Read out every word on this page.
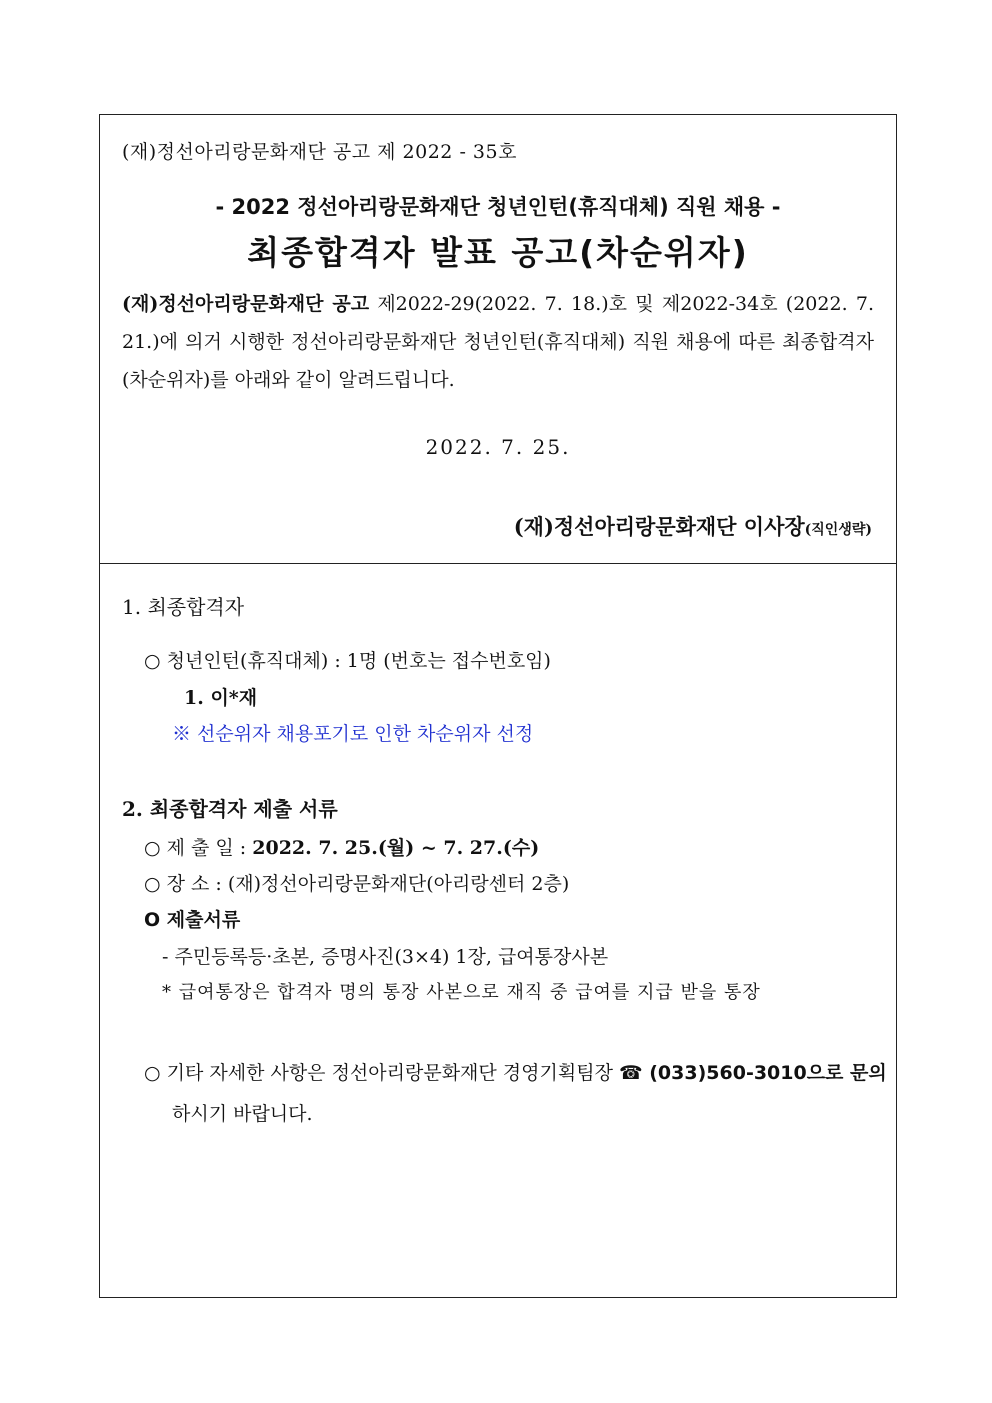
(재)정선아리랑문화재단 공고 제 2022 - 35호
- 2022 정선아리랑문화재단 청년인턴(휴직대체) 직원 채용 -
최종합격자 발표 공고(차순위자)
(재)정선아리랑문화재단 공고 제2022-29(2022. 7. 18.)호 및 제2022-34호 (2022. 7. 21.)에 의거 시행한 정선아리랑문화재단 청년인턴(휴직대체) 직원 채용에 따른 최종합격자(차순위자)를 아래와 같이 알려드립니다.
2022. 7. 25.
(재)정선아리랑문화재단 이사장(직인생략)
1. 최종합격자
○ 청년인턴(휴직대체) : 1명 (번호는 접수번호임)
1. 이*재
※ 선순위자 채용포기로 인한 차순위자 선정
2. 최종합격자 제출 서류
○ 제 출 일 : 2022. 7. 25.(월) ~ 7. 27.(수)
○ 장 소 : (재)정선아리랑문화재단(아리랑센터 2층)
O 제출서류
- 주민등록등·초본, 증명사진(3×4) 1장, 급여통장사본
* 급여통장은 합격자 명의 통장 사본으로 재직 중 급여를 지급 받을 통장
○ 기타 자세한 사항은 정선아리랑문화재단 경영기획팀장 ☎ (033)560-3010으로 문의
하시기 바랍니다.
